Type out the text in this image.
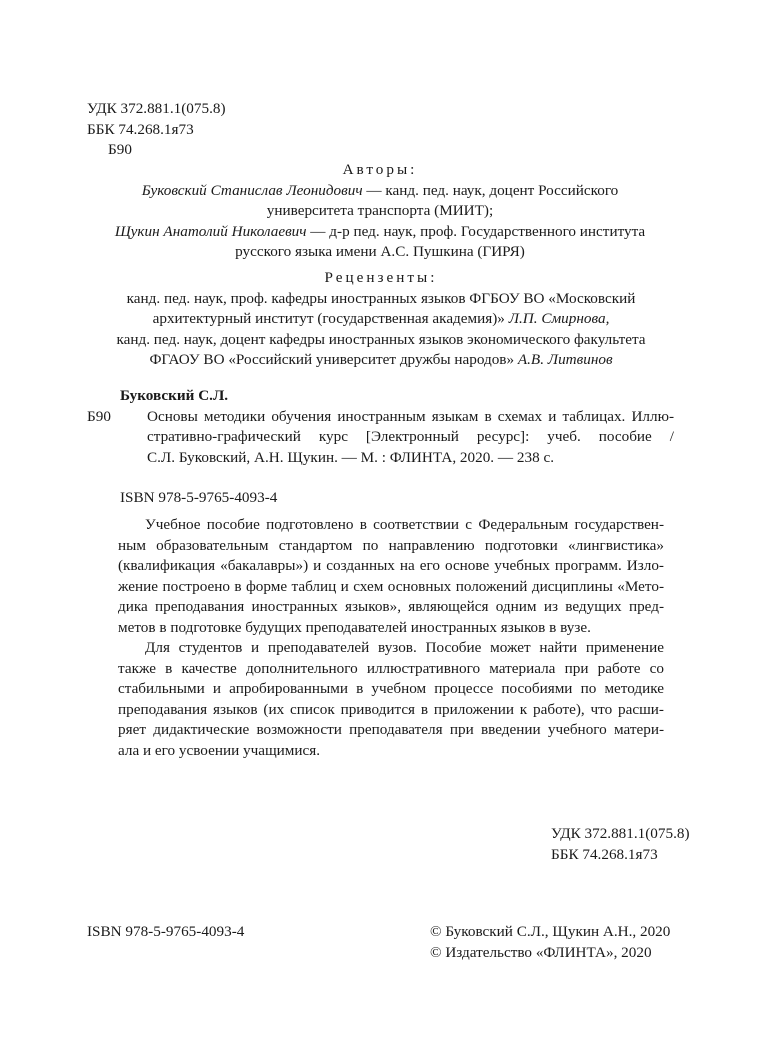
УДК 372.881.1(075.8)
ББК 74.268.1я73
Б90
Авторы:
Буковский Станислав Леонидович — канд. пед. наук, доцент Российского
университета транспорта (МИИТ);
Щукин Анатолий Николаевич — д-р пед. наук, проф. Государственного института
русского языка имени А.С. Пушкина (ГИРЯ)
Рецензенты:
канд. пед. наук, проф. кафедры иностранных языков ФГБОУ ВО «Московский
архитектурный институт (государственная академия)» Л.П. Смирнова,
канд. пед. наук, доцент кафедры иностранных языков экономического факультета
ФГАОУ ВО «Российский университет дружбы народов» А.В. Литвинов
Буковский С.Л.
Б90	Основы методики обучения иностранным языкам в схемах и таблицах. Иллю-
стративно-графический курс [Электронный ресурс]: учеб. пособие /
С.Л. Буковский, А.Н. Щукин. — М. : ФЛИНТА, 2020. — 238 с.
ISBN 978-5-9765-4093-4
Учебное пособие подготовлено в соответствии с Федеральным государствен-
ным образовательным стандартом по направлению подготовки «лингвистика»
(квалификация «бакалавры») и созданных на его основе учебных программ. Излo-
жение построено в форме таблиц и схем основных положений дисциплины «Мето-
дика преподавания иностранных языков», являющейся одним из ведущих пред-
метов в подготовке будущих преподавателей иностранных языков в вузе.
Для студентов и преподавателей вузов. Пособие может найти применение
также в качестве дополнительного иллюстративного материала при работе со
стабильными и апробированными в учебном процессе пособиями по методике
преподавания языков (их список приводится в приложении к работе), что расши-
ряет дидактические возможности преподавателя при введении учебного матери-
ала и его усвоении учащимися.
УДК 372.881.1(075.8)
ББК 74.268.1я73
ISBN 978-5-9765-4093-4	© Буковский С.Л., Щукин А.Н., 2020
© Издательство «ФЛИНТА», 2020
